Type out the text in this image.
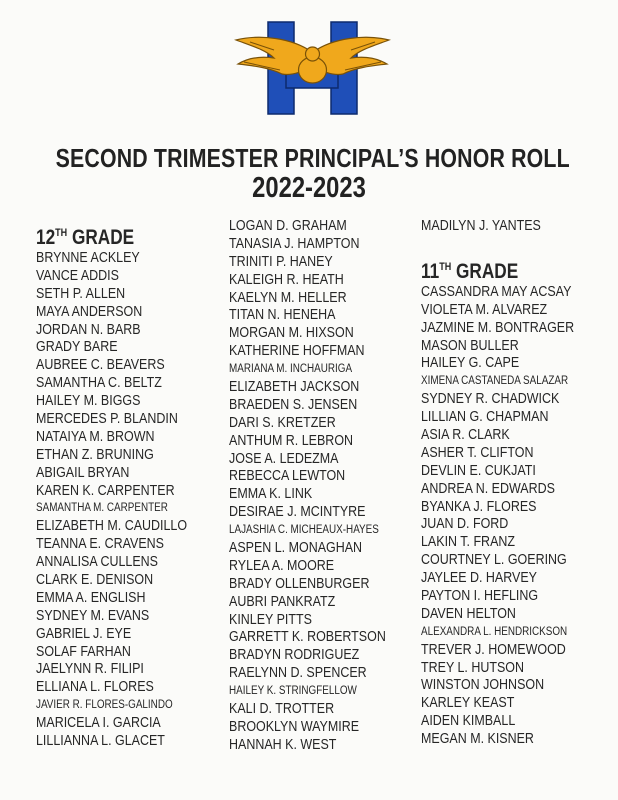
SECOND TRIMESTER PRINCIPAL’S HONOR ROLL
2022-2023
12TH GRADE
BRYNNE ACKLEY
VANCE ADDIS
SETH P. ALLEN
MAYA ANDERSON
JORDAN N. BARB
GRADY BARE
AUBREE C. BEAVERS
SAMANTHA C. BELTZ
HAILEY M. BIGGS
MERCEDES P. BLANDIN
NATAIYA M. BROWN
ETHAN Z. BRUNING
ABIGAIL BRYAN
KAREN K. CARPENTER
SAMANTHA M. CARPENTER
ELIZABETH M. CAUDILLO
TEANNA E. CRAVENS
ANNALISA CULLENS
CLARK E. DENISON
EMMA A. ENGLISH
SYDNEY M. EVANS
GABRIEL J. EYE
SOLAF FARHAN
JAELYNN R. FILIPI
ELLIANA L. FLORES
JAVIER R. FLORES-GALINDO
MARICELA I. GARCIA
LILLIANNA L. GLACET
LOGAN D. GRAHAM
TANASIA J. HAMPTON
TRINITI P. HANEY
KALEIGH R. HEATH
KAELYN M. HELLER
TITAN N. HENEHA
MORGAN M. HIXSON
KATHERINE HOFFMAN
MARIANA M. INCHAURIGA
ELIZABETH JACKSON
BRAEDEN S. JENSEN
DARI S. KRETZER
ANTHUM R. LEBRON
JOSE A. LEDEZMA
REBECCA LEWTON
EMMA K. LINK
DESIRAE J. MCINTYRE
LAJASHIA C. MICHEAUX-HAYES
ASPEN L. MONAGHAN
RYLEA A. MOORE
BRADY OLLENBURGER
AUBRI PANKRATZ
KINLEY PITTS
GARRETT K. ROBERTSON
BRADYN RODRIGUEZ
RAELYNN D. SPENCER
HAILEY K. STRINGFELLOW
KALI D. TROTTER
BROOKLYN WAYMIRE
HANNAH K. WEST
MADILYN J. YANTES
11TH GRADE
CASSANDRA MAY ACSAY
VIOLETA M. ALVAREZ
JAZMINE M. BONTRAGER
MASON BULLER
HAILEY G. CAPE
XIMENA CASTANEDA SALAZAR
SYDNEY R. CHADWICK
LILLIAN G. CHAPMAN
ASIA R. CLARK
ASHER T. CLIFTON
DEVLIN E. CUKJATI
ANDREA N. EDWARDS
BYANKA J. FLORES
JUAN D. FORD
LAKIN T. FRANZ
COURTNEY L. GOERING
JAYLEE D. HARVEY
PAYTON I. HEFLING
DAVEN HELTON
ALEXANDRA L. HENDRICKSON
TREVER J. HOMEWOOD
TREY L. HUTSON
WINSTON JOHNSON
KARLEY KEAST
AIDEN KIMBALL
MEGAN M. KISNER
